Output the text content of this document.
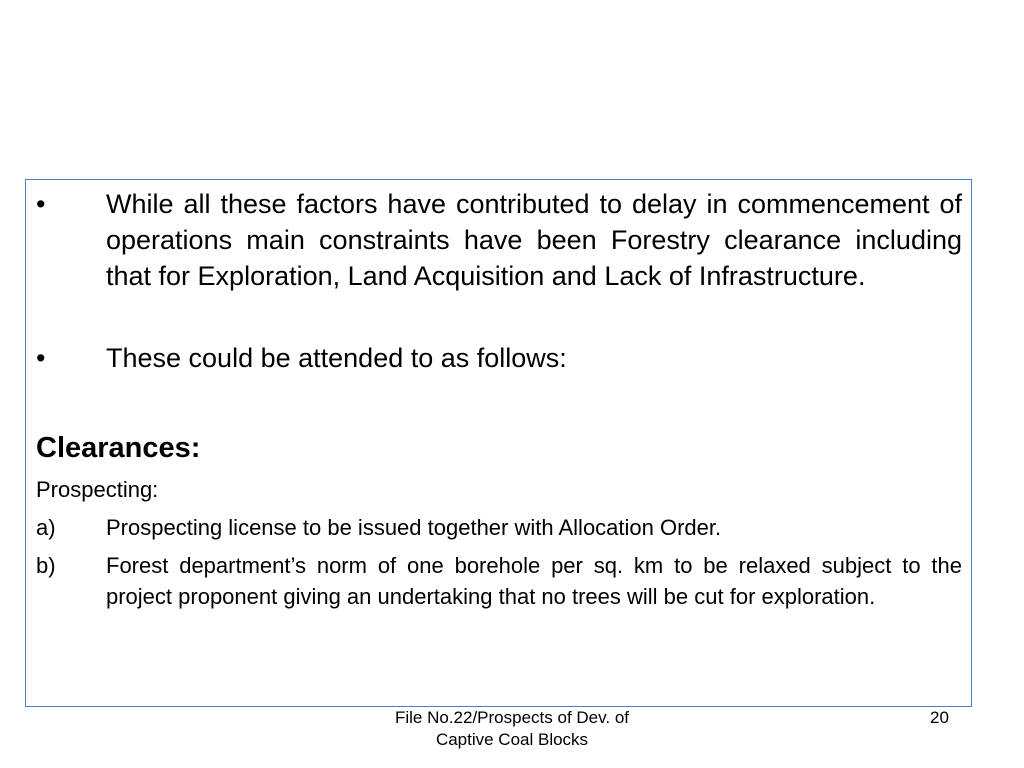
• While all these factors have contributed to delay in commencement of operations main constraints have been Forestry clearance including that for Exploration, Land Acquisition and Lack of Infrastructure.
• These could be attended to as follows:
Clearances:
Prospecting:
a) Prospecting license to be issued together with Allocation Order.
b) Forest department’s norm of one borehole per sq. km to be relaxed subject to the project proponent giving an undertaking that no trees will be cut for exploration.
File No.22/Prospects of Dev. of
Captive Coal Blocks
20
